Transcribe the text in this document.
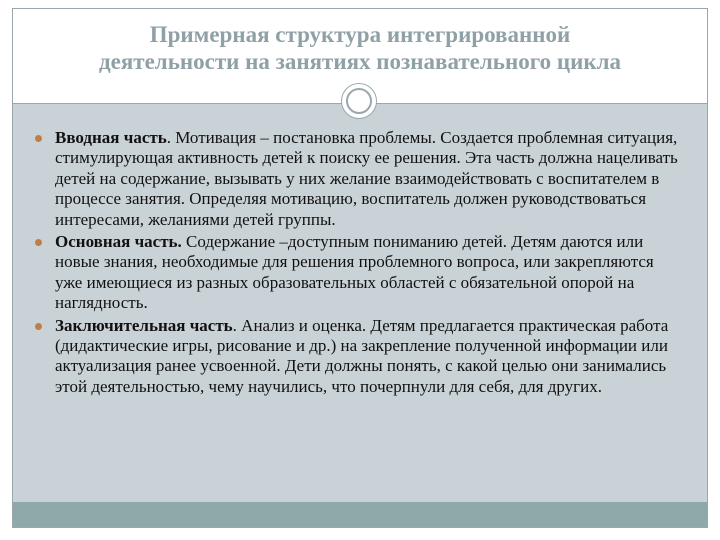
Примерная структура интегрированной
деятельности на занятиях познавательного цикла
Вводная часть. Мотивация – постановка проблемы. Создается проблемная ситуация, стимулирующая активность детей к поиску ее решения. Эта часть должна нацеливать детей на содержание, вызывать у них желание взаимодействовать с воспитателем в процессе занятия. Определяя мотивацию, воспитатель должен руководствоваться интересами, желаниями детей группы.
Основная часть. Содержание –доступным пониманию детей. Детям даются или новые знания, необходимые для решения проблемного вопроса, или закрепляются уже имеющиеся из разных образовательных областей с обязательной опорой на наглядность.
Заключительная часть. Анализ и оценка. Детям предлагается практическая работа (дидактические игры, рисование и др.) на закрепление полученной информации или актуализация ранее усвоенной. Дети должны понять, с какой целью они занимались этой деятельностью, чему научились, что почерпнули для себя, для других.
